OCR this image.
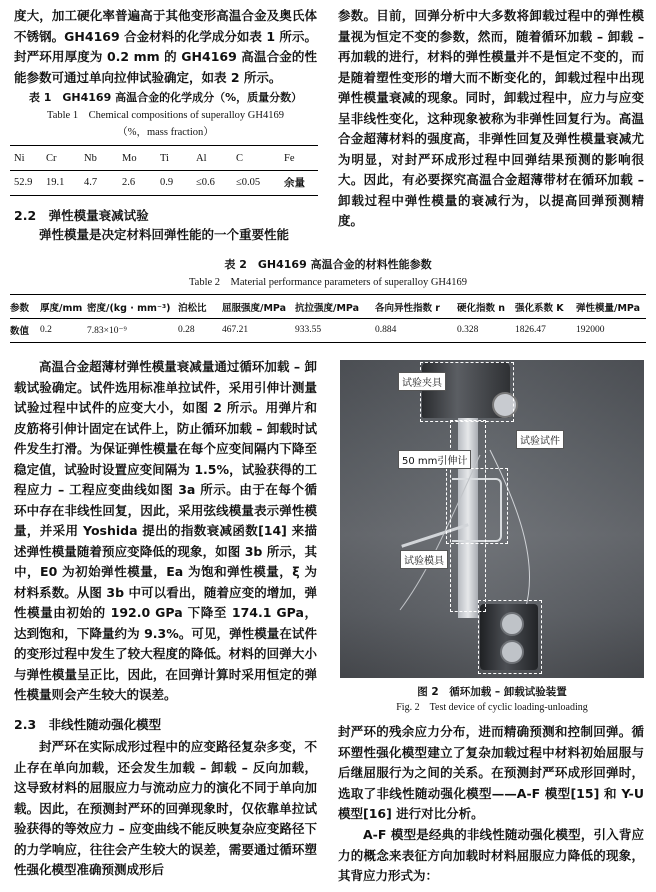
度大，加工硬化率普遍高于其他变形高温合金及奥氏体不锈钢。GH4169 合金材料的化学成分如表 1 所示。封严环用厚度为 0.2 mm 的 GH4169 高温合金的性能参数可通过单向拉伸试验确定，如表 2 所示。
表 1　GH4169 高温合金的化学成分（%，质量分数）
Table 1　Chemical compositions of superalloy GH4169
（%，mass fraction）
Ni	Cr	Nb	Mo	Ti	Al	C	Fe
52.9	19.1	4.7	2.6	0.9	≤0.6	≤0.05	余量
2.2　弹性模量衰减试验
弹性模量是决定材料回弹性能的一个重要性能
参数。目前，回弹分析中大多数将卸载过程中的弹性模量视为恒定不变的参数，然而，随着循环加载 – 卸载 – 再加载的进行，材料的弹性模量并不是恒定不变的，而是随着塑性变形的增大而不断变化的，卸载过程中出现弹性模量衰减的现象。同时，卸载过程中，应力与应变呈非线性变化，这种现象被称为非弹性回复行为。高温合金超薄材料的强度高，非弹性回复及弹性模量衰减尤为明显，对封严环成形过程中回弹结果预测的影响很大。因此，有必要探究高温合金超薄带材在循环加载 – 卸载过程中弹性模量的衰减行为，以提高回弹预测精度。
表 2　GH4169 高温合金的材料性能参数
Table 2　Material performance parameters of superalloy GH4169
参数	厚度/mm	密度/(kg · mm⁻³)	泊松比	屈服强度/MPa	抗拉强度/MPa	各向异性指数 r	硬化指数 n	强化系数 K	弹性模量/MPa
数值	0.2	7.83×10⁻⁹	0.28	467.21	933.55	0.884	0.328	1826.47	192000
高温合金超薄材弹性模量衰减量通过循环加载 – 卸载试验确定。试件选用标准单拉试件，采用引伸计测量试验过程中试件的应变大小，如图 2 所示。用弹片和皮筋将引伸计固定在试件上，防止循环加载 – 卸载时试件发生打滑。为保证弹性模量在每个应变间隔内下降至稳定值，试验时设置应变间隔为 1.5%，试验获得的工程应力 – 工程应变曲线如图 3a 所示。由于在每个循环中存在非线性回复，因此，采用弦线模量表示弹性模量，并采用 Yoshida 提出的指数衰减函数[14] 来描述弹性模量随着预应变降低的现象，如图 3b 所示，其中，E0 为初始弹性模量，Ea 为饱和弹性模量，ξ 为材料系数。从图 3b 中可以看出，随着应变的增加，弹性模量由初始的 192.0 GPa 下降至 174.1 GPa，达到饱和，下降量约为 9.3%。可见，弹性模量在试件的变形过程中发生了较大程度的降低。材料的回弹大小与弹性模量呈正比，因此，在回弹计算时采用恒定的弹性模量则会产生较大的误差。
2.3　非线性随动强化模型
封严环在实际成形过程中的应变路径复杂多变，不止存在单向加载，还会发生加载 – 卸载 – 反向加载，这导致材料的屈服应力与流动应力的演化不同于单向加载。因此，在预测封严环的回弹现象时，仅依靠单拉试验获得的等效应力 – 应变曲线不能反映复杂应变路径下的力学响应，往往会产生较大的误差，需要通过循环塑性强化模型准确预测成形后
试验夹具
试验试件
50 mm引伸计
试验模具
图 2　循环加载 – 卸载试验装置
Fig. 2　Test device of cyclic loading-unloading
封严环的残余应力分布，进而精确预测和控制回弹。循环塑性强化模型建立了复杂加载过程中材料初始屈服与后继屈服行为之间的关系。在预测封严环成形回弹时，选取了非线性随动强化模型——A-F 模型[15] 和 Y-U 模型[16] 进行对比分析。
A-F 模型是经典的非线性随动强化模型，引入背应力的概念来表征方向加载时材料屈服应力降低的现象，其背应力形式为：
